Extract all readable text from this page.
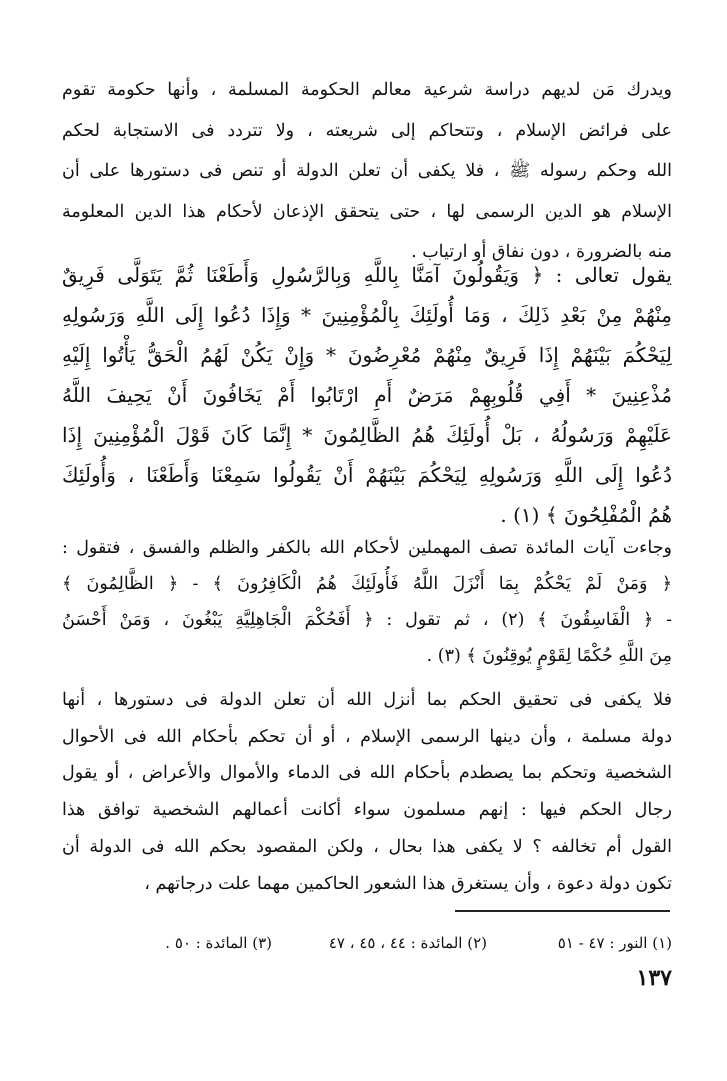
ويدرك مَن لديهم دراسة شرعية معالم الحكومة المسلمة ، وأنها حكومة تقوم
على فرائض الإسلام ، وتتحاكم إلى شريعته ، ولا تتردد فى الاستجابة لحكم
الله وحكم رسوله ﷺ ، فلا يكفى أن تعلن الدولة أو تنص فى دستورها على أن
الإسلام هو الدين الرسمى لها ، حتى يتحقق الإذعان لأحكام هذا الدين المعلومة
منه بالضرورة ، دون نفاق أو ارتياب .

يقول تعالى : ﴿ وَيَقُولُونَ آمَنَّا بِاللَّهِ وَبِالرَّسُولِ وَأَطَعْنَا ثُمَّ يَتَوَلَّى فَرِيقٌ
مِنْهُمْ مِنْ بَعْدِ ذَلِكَ ، وَمَا أُولَئِكَ بِالْمُؤْمِنِينَ * وَإِذَا دُعُوا إِلَى اللَّهِ وَرَسُولِهِ
لِيَحْكُمَ بَيْنَهُمْ إِذَا فَرِيقٌ مِنْهُمْ مُعْرِضُونَ * وَإِنْ يَكُنْ لَهُمُ الْحَقُّ يَأْتُوا إِلَيْهِ
مُذْعِنِينَ * أَفِي قُلُوبِهِمْ مَرَضٌ أَمِ ارْتَابُوا أَمْ يَخَافُونَ أَنْ يَحِيفَ اللَّهُ
عَلَيْهِمْ وَرَسُولُهُ ، بَلْ أُولَئِكَ هُمُ الظَّالِمُونَ * إِنَّمَا كَانَ قَوْلَ الْمُؤْمِنِينَ إِذَا
دُعُوا إِلَى اللَّهِ وَرَسُولِهِ لِيَحْكُمَ بَيْنَهُمْ أَنْ يَقُولُوا سَمِعْنَا وَأَطَعْنَا ، وَأُولَئِكَ
هُمُ الْمُفْلِحُونَ ﴾ (١) .

وجاءت آيات المائدة تصف المهملين لأحكام الله بالكفر والظلم والفسق ، فتقول :
﴿ وَمَنْ لَمْ يَحْكُمْ بِمَا أَنْزَلَ اللَّهُ فَأُولَئِكَ هُمُ الْكَافِرُونَ ﴾ - ﴿ الظَّالِمُونَ ﴾
- ﴿ الْفَاسِقُونَ ﴾ (٢) ، ثم تقول : ﴿ أَفَحُكْمَ الْجَاهِلِيَّةِ يَبْغُونَ ، وَمَنْ أَحْسَنُ
مِنَ اللَّهِ حُكْمًا لِقَوْمٍ يُوقِنُونَ ﴾ (٣) .

فلا يكفى فى تحقيق الحكم بما أنزل الله أن تعلن الدولة فى دستورها ، أنها
دولة مسلمة ، وأن دينها الرسمى الإسلام ، أو أن تحكم بأحكام الله فى الأحوال
الشخصية وتحكم بما يصطدم بأحكام الله فى الدماء والأموال والأعراض ، أو يقول
رجال الحكم فيها : إنهم مسلمون سواء أكانت أعمالهم الشخصية توافق هذا
القول أم تخالفه ؟ لا يكفى هذا بحال ، ولكن المقصود بحكم الله فى الدولة أن
تكون دولة دعوة ، وأن يستغرق هذا الشعور الحاكمين مهما علت درجاتهم ،

(١) النور : ٤٧ - ٥١
(٢) المائدة : ٤٤ ، ٤٥ ، ٤٧
(٣) المائدة : ٥٠ .
١٣٧
